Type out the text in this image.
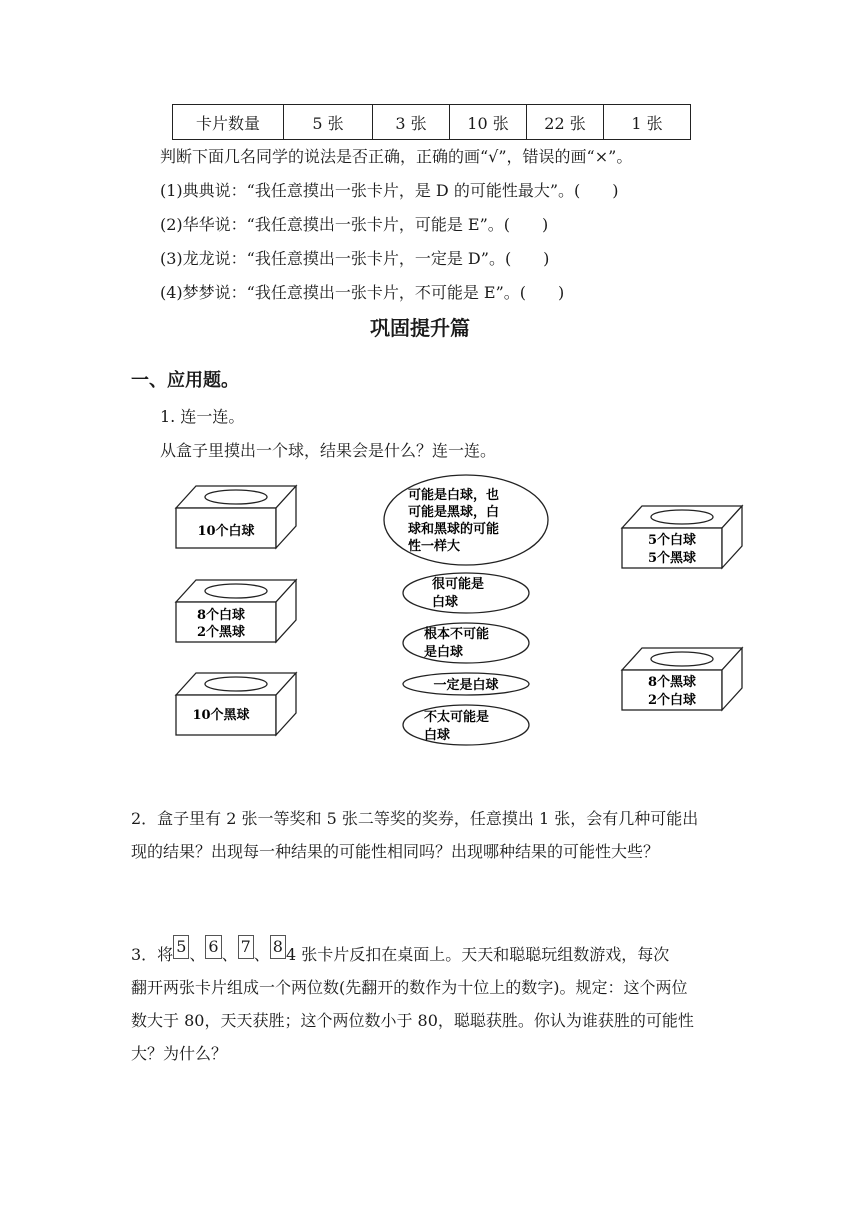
卡片数量	5 张	3 张	10 张	22 张	1 张
判断下面几名同学的说法是否正确，正确的画“√”，错误的画“×”。
(1)典典说：“我任意摸出一张卡片，是 D 的可能性最大”。(　　)
(2)华华说：“我任意摸出一张卡片，可能是 E”。(　　)
(3)龙龙说：“我任意摸出一张卡片，一定是 D”。(　　)
(4)梦梦说：“我任意摸出一张卡片，不可能是 E”。(　　)
巩固提升篇
一、应用题。
1. 连一连。
从盒子里摸出一个球，结果会是什么？连一连。
10个白球
8个白球
2个黑球
10个黑球
5个白球
5个黑球
8个黑球
2个白球
可能是白球，也
可能是黑球，白
球和黑球的可能
性一样大
很可能是
白球
根本不可能
是白球
一定是白球
不太可能是
白球
2．盒子里有 2 张一等奖和 5 张二等奖的奖券，任意摸出 1 张，会有几种可能出
现的结果？出现每一种结果的可能性相同吗？出现哪种结果的可能性大些？
3．将 5 、 6 、 7 、 8 4 张卡片反扣在桌面上。天天和聪聪玩组数游戏，每次
翻开两张卡片组成一个两位数(先翻开的数作为十位上的数字)。规定：这个两位
数大于 80，天天获胜；这个两位数小于 80，聪聪获胜。你认为谁获胜的可能性
大？为什么？
